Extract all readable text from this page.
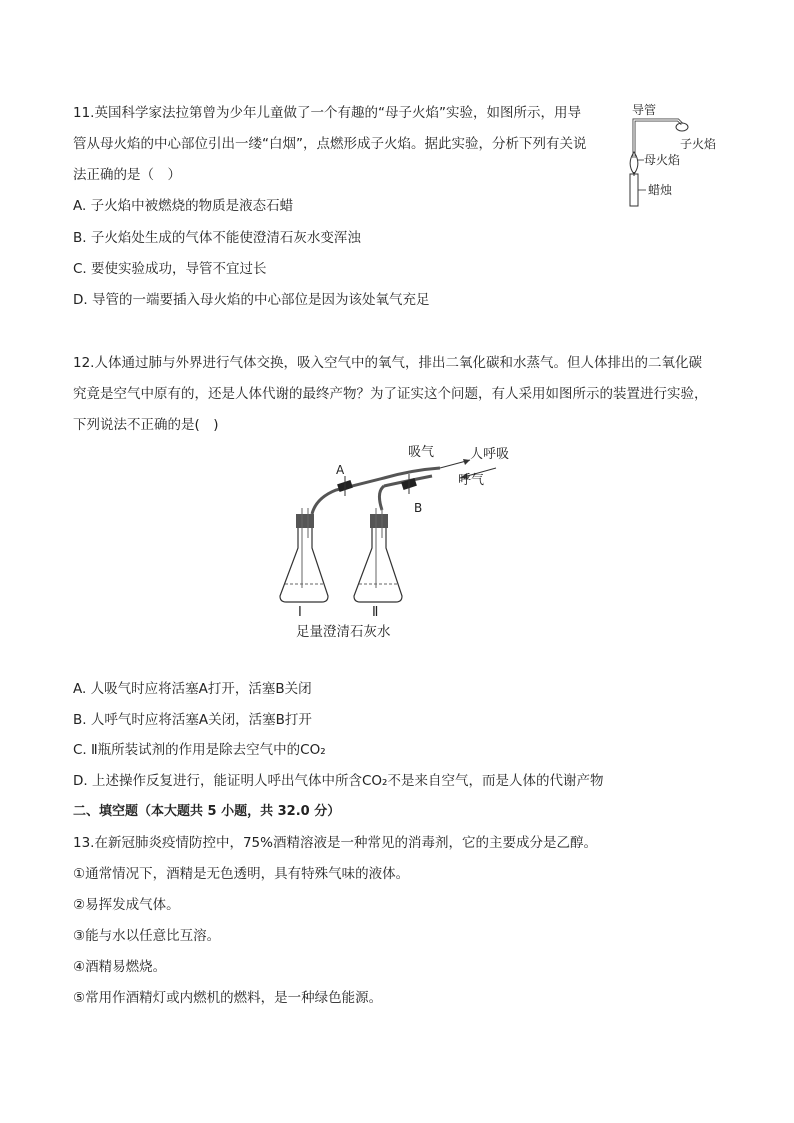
11.英国科学家法拉第曾为少年儿童做了一个有趣的“母子火焰”实验，如图所示，用导
管从母火焰的中心部位引出一缕“白烟”，点燃形成子火焰。据此实验，分析下列有关说
法正确的是（　）
A. 子火焰中被燃烧的物质是液态石蜡
B. 子火焰处生成的气体不能使澄清石灰水变浑浊
C. 要使实验成功，导管不宜过长
D. 导管的一端要插入母火焰的中心部位是因为该处氧气充足
导管
子火焰
母火焰
蜡烛
12.人体通过肺与外界进行气体交换，吸入空气中的氧气，排出二氧化碳和水蒸气。但人体排出的二氧化碳
究竟是空气中原有的，还是人体代谢的最终产物？为了证实这个问题，有人采用如图所示的装置进行实验，
下列说法不正确的是(　)
吸气	人呼吸
呼气
A
B
Ⅰ	Ⅱ
足量澄清石灰水
A. 人吸气时应将活塞A打开，活塞B关闭
B. 人呼气时应将活塞A关闭，活塞B打开
C. Ⅱ瓶所装试剂的作用是除去空气中的CO₂
D. 上述操作反复进行，能证明人呼出气体中所含CO₂不是来自空气，而是人体的代谢产物
二、填空题（本大题共 5 小题，共 32.0 分）
13.在新冠肺炎疫情防控中，75%酒精溶液是一种常见的消毒剂，它的主要成分是乙醇。
①通常情况下，酒精是无色透明，具有特殊气味的液体。
②易挥发成气体。
③能与水以任意比互溶。
④酒精易燃烧。
⑤常用作酒精灯或内燃机的燃料，是一种绿色能源。
